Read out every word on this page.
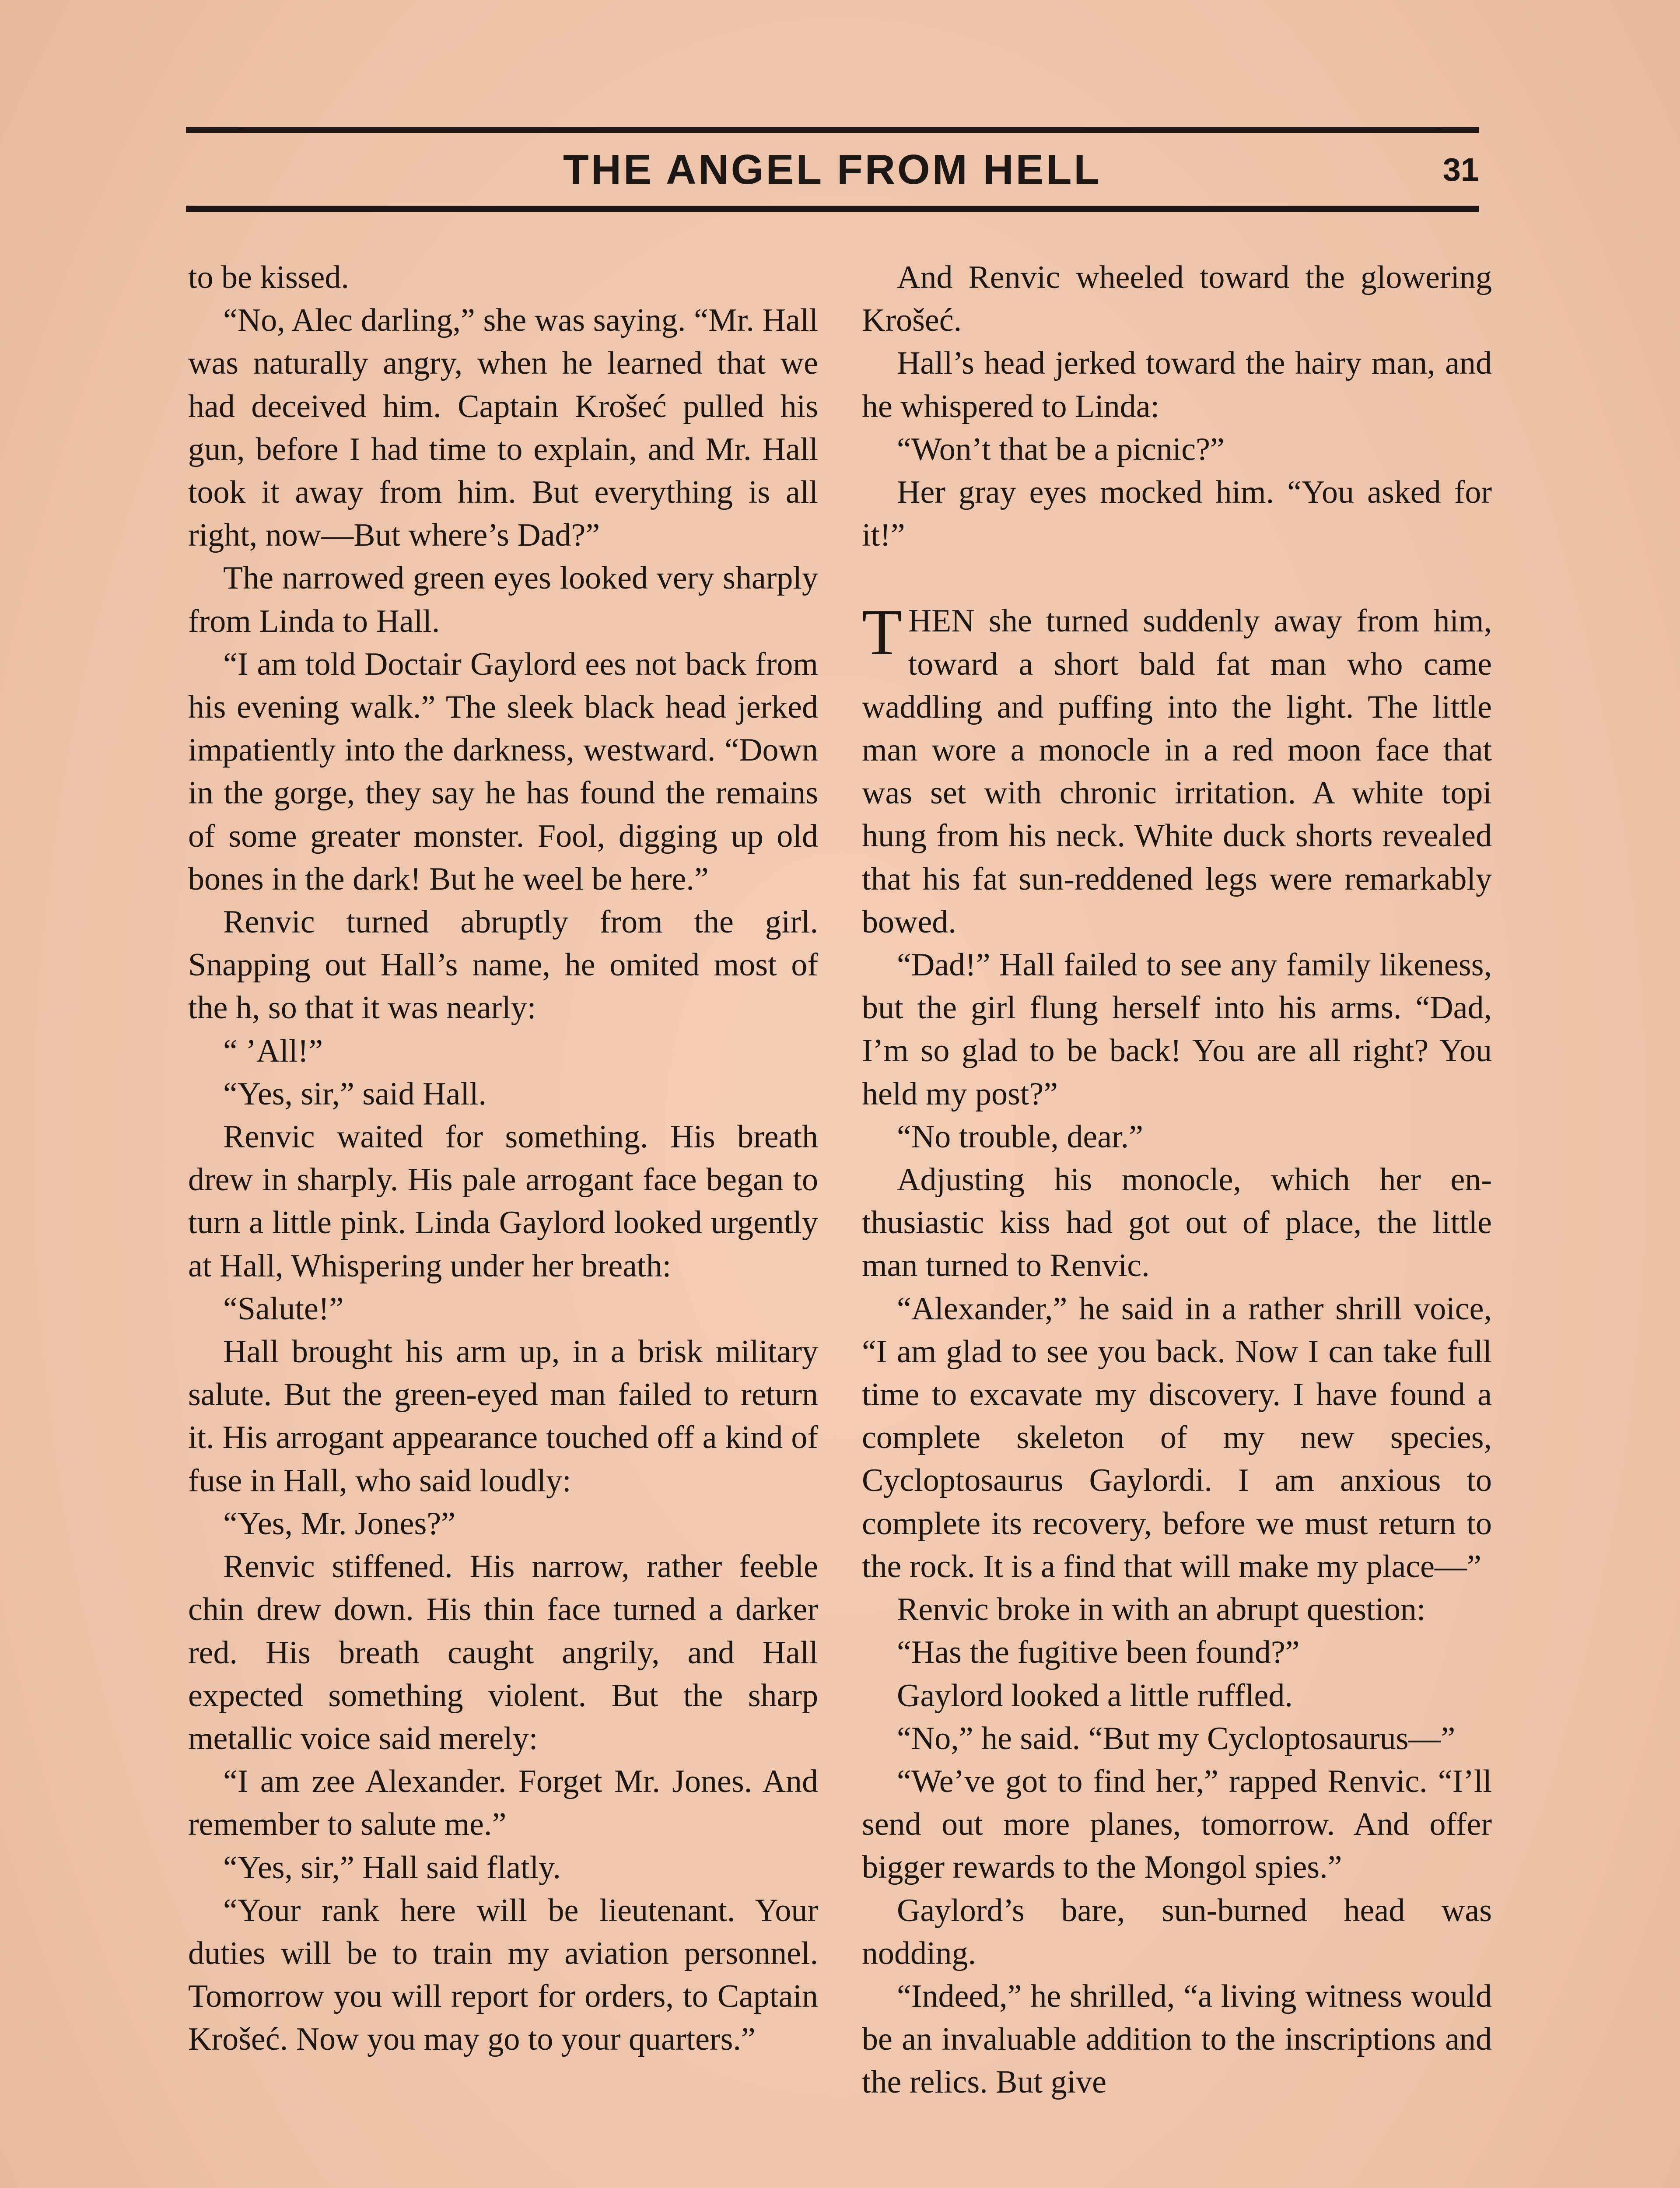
THE ANGEL FROM HELL	31

to be kissed.

“No, Alec darling,” she was saying. “Mr. Hall was naturally angry, when he learned that we had deceived him. Captain Krošeć pulled his gun, before I had time to explain, and Mr. Hall took it away from him. But everything is all right, now—But where’s Dad?”

The narrowed green eyes looked very sharply from Linda to Hall.

“I am told Doctair Gaylord ees not back from his evening walk.” The sleek black head jerked impatiently into the darkness, westward. “Down in the gorge, they say he has found the remains of some greater monster. Fool, digging up old bones in the dark! But he weel be here.”

Renvic turned abruptly from the girl. Snapping out Hall’s name, he omited most of the h, so that it was nearly:

“ ’All!”

“Yes, sir,” said Hall.

Renvic waited for something. His breath drew in sharply. His pale arrogant face began to turn a little pink. Linda Gaylord looked urgently at Hall, Whispering under her breath:

“Salute!”

Hall brought his arm up, in a brisk military salute. But the green-eyed man failed to return it. His arrogant appearance touched off a kind of fuse in Hall, who said loudly:

“Yes, Mr. Jones?”

Renvic stiffened. His narrow, rather feeble chin drew down. His thin face turned a darker red. His breath caught angrily, and Hall expected something violent. But the sharp metallic voice said merely:

“I am zee Alexander. Forget Mr. Jones. And remember to salute me.”

“Yes, sir,” Hall said flatly.

“Your rank here will be lieutenant. Your duties will be to train my aviation personnel. Tomorrow you will report for orders, to Captain Krošeć. Now you may go to your quarters.”

And Renvic wheeled toward the glowering Krošeć.

Hall’s head jerked toward the hairy man, and he whispered to Linda:

“Won’t that be a picnic?”

Her gray eyes mocked him. “You asked for it!”

THEN she turned suddenly away from him, toward a short bald fat man who came waddling and puffing into the light. The little man wore a monocle in a red moon face that was set with chronic irritation. A white topi hung from his neck. White duck shorts revealed that his fat sun-reddened legs were remarkably bowed.

“Dad!” Hall failed to see any family likeness, but the girl flung herself into his arms. “Dad, I’m so glad to be back! You are all right? You held my post?”

“No trouble, dear.”

Adjusting his monocle, which her enthusiastic kiss had got out of place, the little man turned to Renvic.

“Alexander,” he said in a rather shrill voice, “I am glad to see you back. Now I can take full time to excavate my discovery. I have found a complete skeleton of my new species, Cycloptosaurus Gaylordi. I am anxious to complete its recovery, before we must return to the rock. It is a find that will make my place—”

Renvic broke in with an abrupt question:

“Has the fugitive been found?”

Gaylord looked a little ruffled.

“No,” he said. “But my Cycloptosaurus—”

“We’ve got to find her,” rapped Renvic. “I’ll send out more planes, tomorrow. And offer bigger rewards to the Mongol spies.”

Gaylord’s bare, sun-burned head was nodding.

“Indeed,” he shrilled, “a living witness would be an invaluable addition to the inscriptions and the relics. But give
